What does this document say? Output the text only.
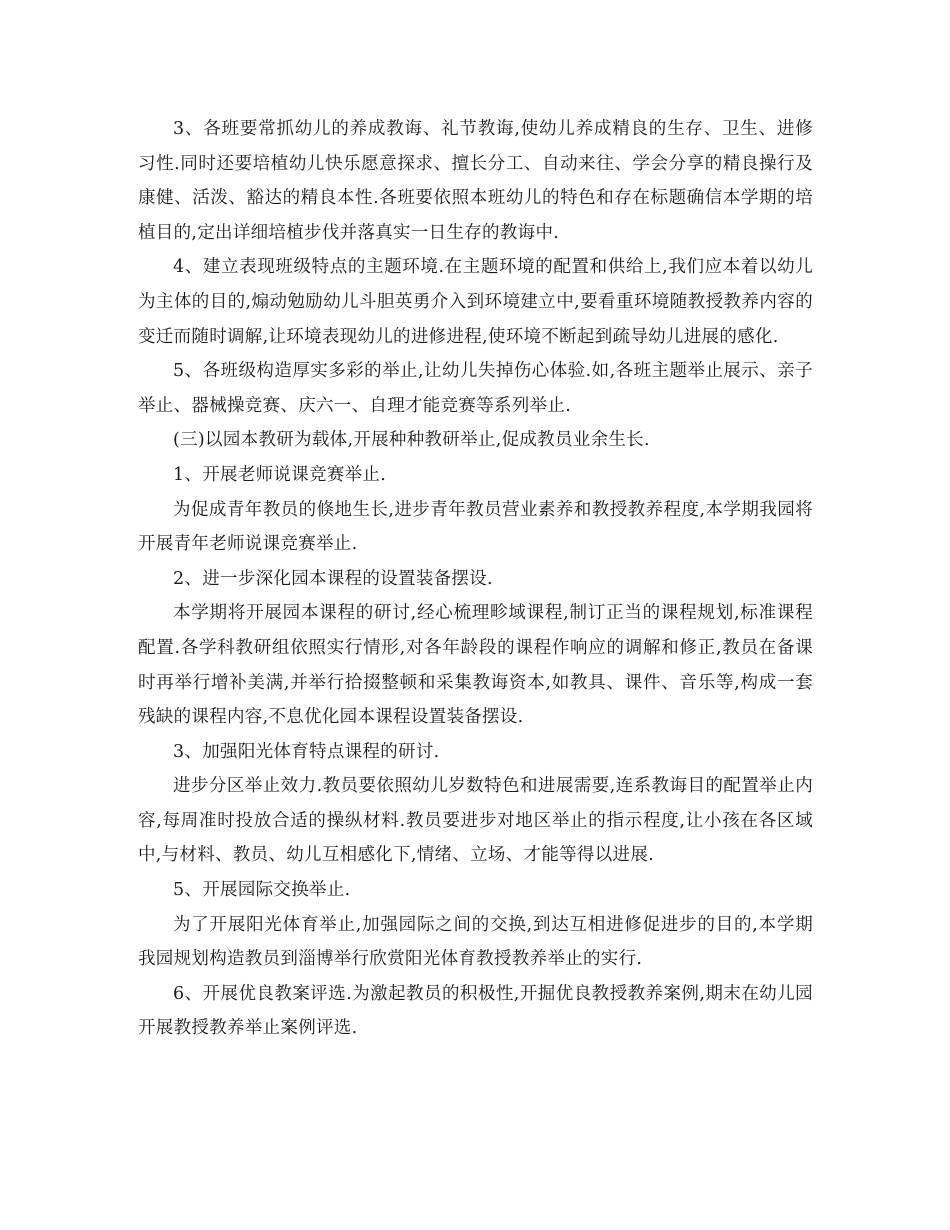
3、各班要常抓幼儿的养成教诲、礼节教诲,使幼儿养成精良的生存、卫生、进修习性.同时还要培植幼儿快乐愿意探求、擅长分工、自动来往、学会分享的精良操行及康健、活泼、豁达的精良本性.各班要依照本班幼儿的特色和存在标题确信本学期的培植目的,定出详细培植步伐并落真实一日生存的教诲中.

4、建立表现班级特点的主题环境.在主题环境的配置和供给上,我们应本着以幼儿为主体的目的,煽动勉励幼儿斗胆英勇介入到环境建立中,要看重环境随教授教养内容的变迁而随时调解,让环境表现幼儿的进修进程,使环境不断起到疏导幼儿进展的感化.

5、各班级构造厚实多彩的举止,让幼儿失掉伤心体验.如,各班主题举止展示、亲子举止、器械操竞赛、庆六一、自理才能竞赛等系列举止.

(三)以园本教研为载体,开展种种教研举止,促成教员业余生长.

1、开展老师说课竞赛举止.

为促成青年教员的倏地生长,进步青年教员营业素养和教授教养程度,本学期我园将开展青年老师说课竞赛举止.

2、进一步深化园本课程的设置装备摆设.

本学期将开展园本课程的研讨,经心梳理畛域课程,制订正当的课程规划,标准课程配置.各学科教研组依照实行情形,对各年龄段的课程作响应的调解和修正,教员在备课时再举行增补美满,并举行拾掇整顿和采集教诲资本,如教具、课件、音乐等,构成一套残缺的课程内容,不息优化园本课程设置装备摆设.

3、加强阳光体育特点课程的研讨.

进步分区举止效力.教员要依照幼儿岁数特色和进展需要,连系教诲目的配置举止内容,每周准时投放合适的操纵材料.教员要进步对地区举止的指示程度,让小孩在各区域中,与材料、教员、幼儿互相感化下,情绪、立场、才能等得以进展.

5、开展园际交换举止.

为了开展阳光体育举止,加强园际之间的交换,到达互相进修促进步的目的,本学期我园规划构造教员到淄博举行欣赏阳光体育教授教养举止的实行.

6、开展优良教案评选.为激起教员的积极性,开掘优良教授教养案例,期末在幼儿园开展教授教养举止案例评选.
